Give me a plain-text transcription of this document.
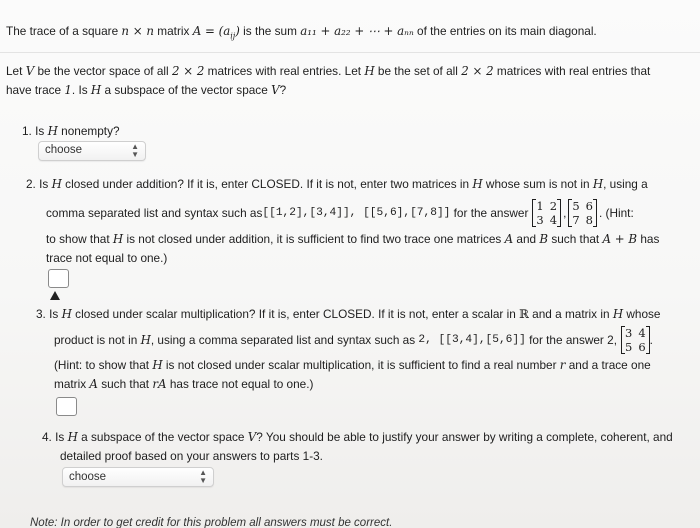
The trace of a square n × n matrix $A = (a_{ij})$ is the sum a₁₁ + a₂₂ + ⋯ + aₙₙ of the entries on its main diagonal.
Let V be the vector space of all 2 × 2 matrices with real entries. Let H be the set of all 2 × 2 matrices with real entries that
have trace 1. Is H a subspace of the vector space V?
1. Is H nonempty?
choose	▲
▼
2. Is H closed under addition? If it is, enter CLOSED. If it is not, enter two matrices in H whose sum is not in H, using a
comma separated list and syntax such as [[1,2],[3,4]], [[5,6],[7,8]] for the answer 1 2
3 4
, 5 6
7 8
. (Hint:
to show that H is not closed under addition, it is sufficient to find two trace one matrices A and B such that A + B has
trace not equal to one.)
3. Is H closed under scalar multiplication? If it is, enter CLOSED. If it is not, enter a scalar in ℝ and a matrix in H whose
product is not in H , using a comma separated list and syntax such as 2, [[3,4],[5,6]] for the answer 2, 3 4
5 6
.
(Hint: to show that H is not closed under scalar multiplication, it is sufficient to find a real number r and a trace one
matrix A such that rA has trace not equal to one.)
4. Is H a subspace of the vector space V? You should be able to justify your answer by writing a complete, coherent, and
detailed proof based on your answers to parts 1-3.
choose	▲
▼
Note: In order to get credit for this problem all answers must be correct.
